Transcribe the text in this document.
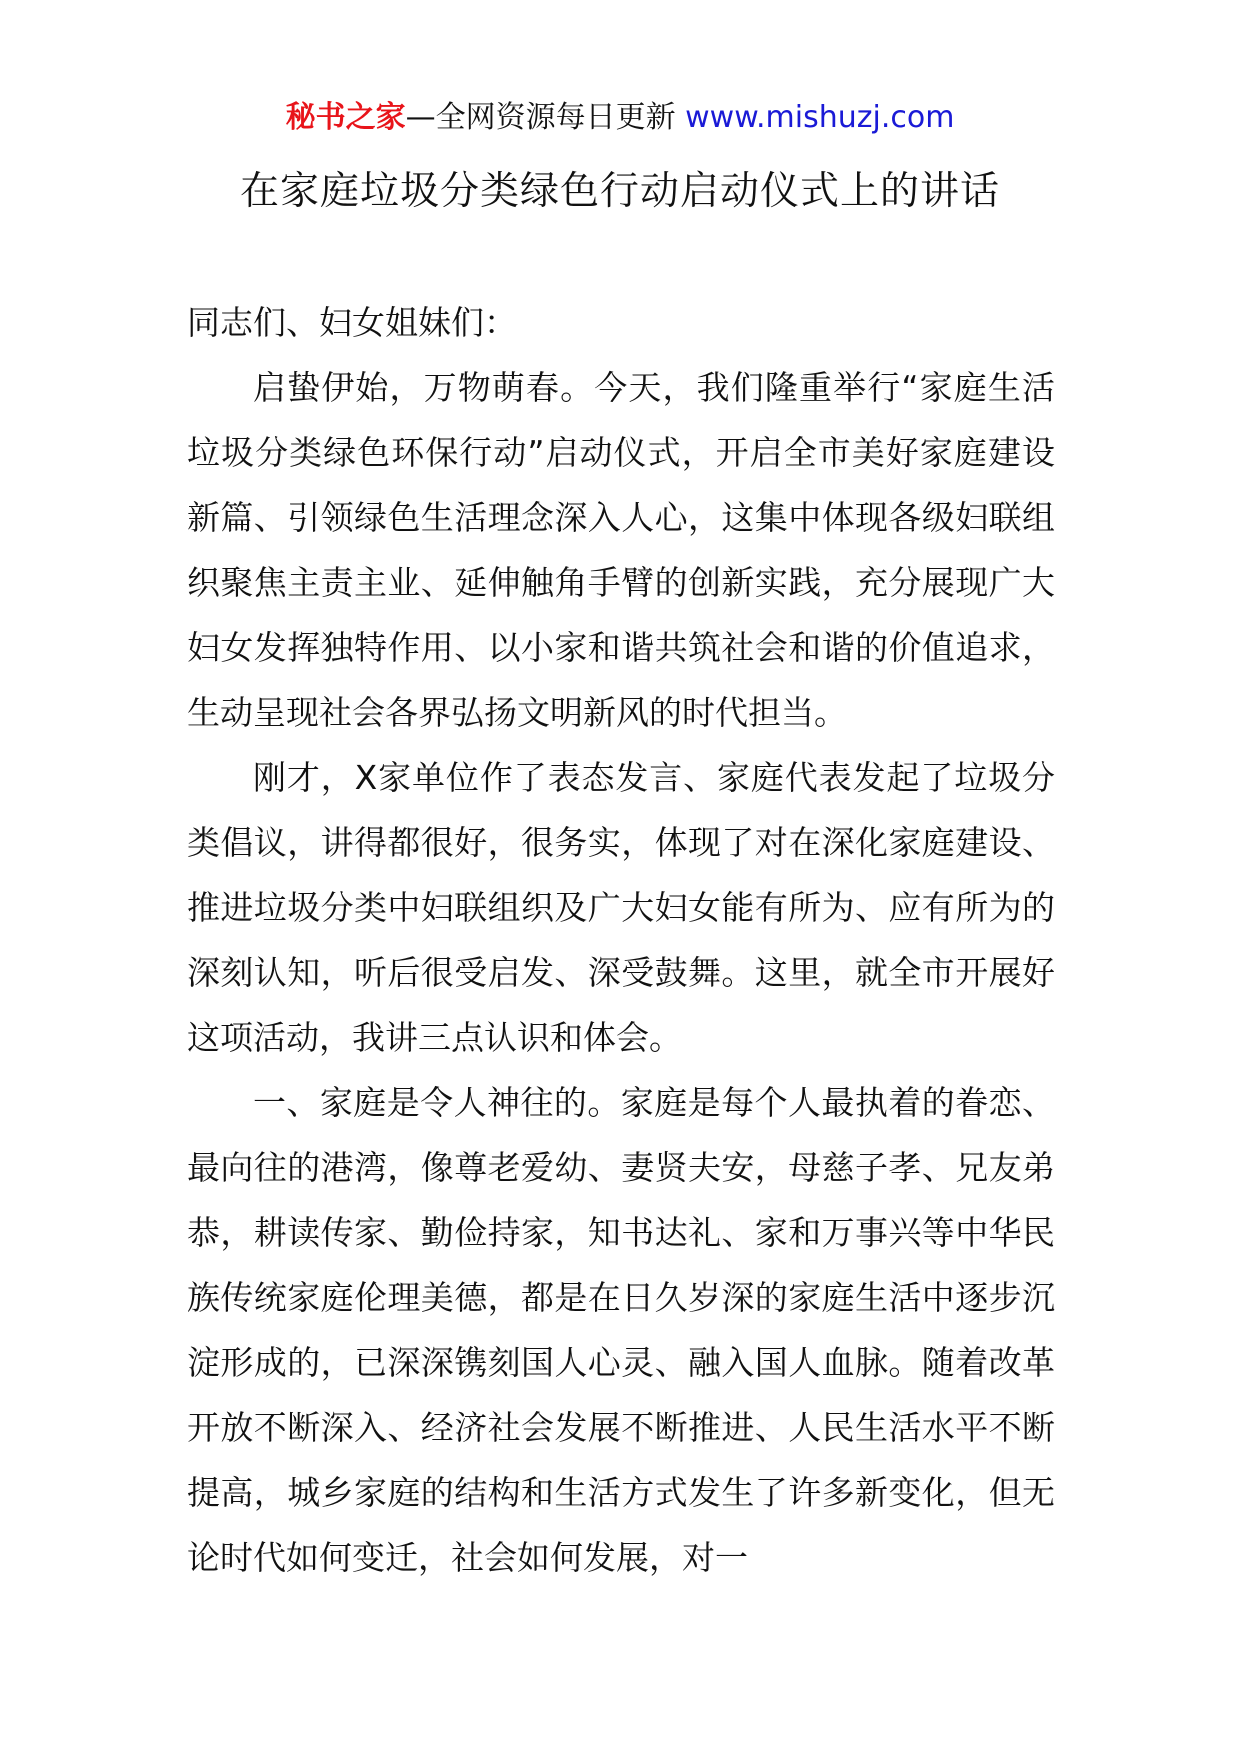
秘书之家—全网资源每日更新 www.mishuzj.com
在家庭垃圾分类绿色行动启动仪式上的讲话

同志们、妇女姐妹们：

启蛰伊始，万物萌春。今天，我们隆重举行“家庭生活垃圾分类绿色环保行动”启动仪式，开启全市美好家庭建设新篇、引领绿色生活理念深入人心，这集中体现各级妇联组织聚焦主责主业、延伸触角手臂的创新实践，充分展现广大妇女发挥独特作用、以小家和谐共筑社会和谐的价值追求，生动呈现社会各界弘扬文明新风的时代担当。

刚才，X家单位作了表态发言、家庭代表发起了垃圾分类倡议，讲得都很好，很务实，体现了对在深化家庭建设、推进垃圾分类中妇联组织及广大妇女能有所为、应有所为的深刻认知，听后很受启发、深受鼓舞。这里，就全市开展好这项活动，我讲三点认识和体会。

一、家庭是令人神往的。家庭是每个人最执着的眷恋、最向往的港湾，像尊老爱幼、妻贤夫安，母慈子孝、兄友弟恭，耕读传家、勤俭持家，知书达礼、家和万事兴等中华民族传统家庭伦理美德，都是在日久岁深的家庭生活中逐步沉淀形成的，已深深镌刻国人心灵、融入国人血脉。随着改革开放不断深入、经济社会发展不断推进、人民生活水平不断提高，城乡家庭的结构和生活方式发生了许多新变化，但无论时代如何变迁，社会如何发展，对一
